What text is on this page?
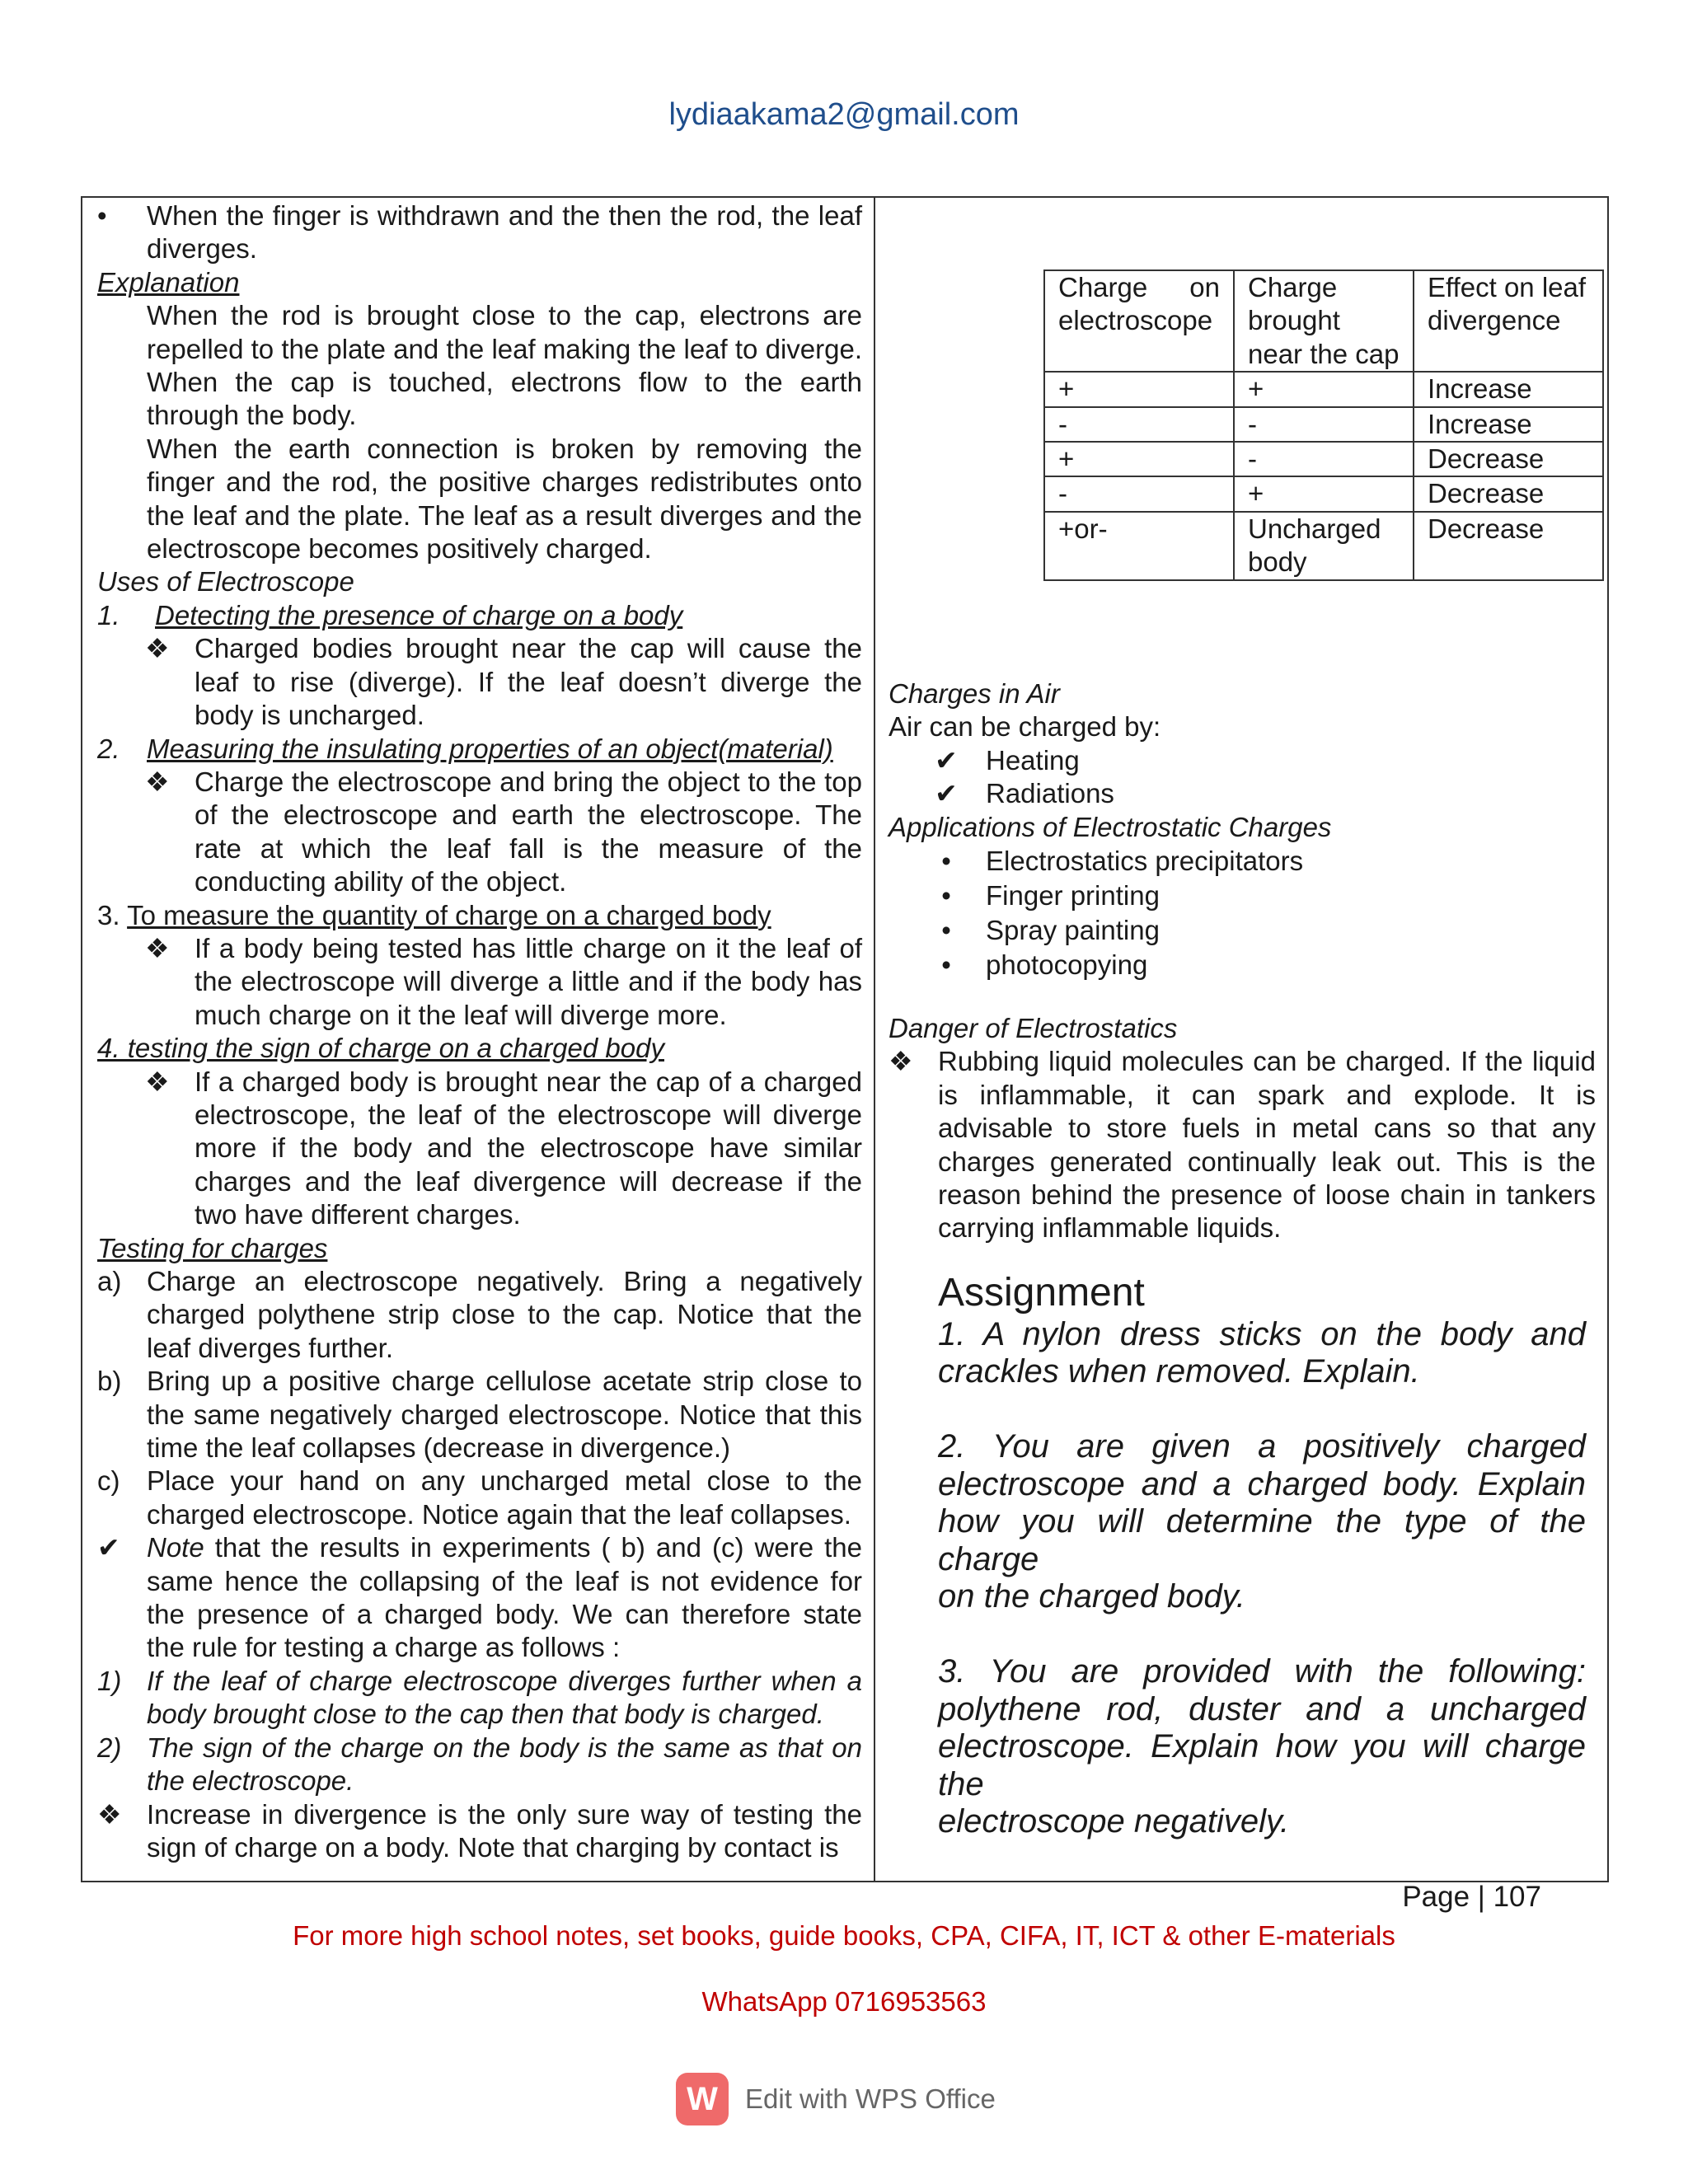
lydiaakama2@gmail.com
•	When the finger is withdrawn and the then the rod, the leaf
diverges.
Explanation
When the rod is brought close to the cap, electrons are
repelled to the plate and the leaf making the leaf to diverge.
When the cap is touched, electrons flow to the earth
through the body.
When the earth connection is broken by removing the
finger and the rod, the positive charges redistributes onto
the leaf and the plate. The leaf as a result diverges and the
electroscope becomes positively charged.
Uses of Electroscope
1. Detecting the presence of charge on a body

❖ Charged bodies brought near the cap will cause the
leaf to rise (diverge). If the leaf doesn’t diverge the
body is uncharged.
2. Measuring the insulating properties of an object(material)

❖ Charge the electroscope and bring the object to the top
of the electroscope and earth the electroscope. The
rate at which the leaf fall is the measure of the
conducting ability of the object.
3. To measure the quantity of charge on a charged body
❖ If a body being tested has little charge on it the leaf of
the electroscope will diverge a little and if the body has
much charge on it the leaf will diverge more.
4. testing the sign of charge on a charged body
❖ If a charged body is brought near the cap of a charged
electroscope, the leaf of the electroscope will diverge
more if the body and the electroscope have similar
charges and the leaf divergence will decrease if the
two have different charges.
Testing for charges
a) Charge an electroscope negatively. Bring a negatively
charged polythene strip close to the cap. Notice that the
leaf diverges further.
b) Bring up a positive charge cellulose acetate strip close to
the same negatively charged electroscope. Notice that this
time the leaf collapses (decrease in divergence.)
c) Place your hand on any uncharged metal close to the
charged electroscope. Notice again that the leaf collapses.
✔ Note that the results in experiments ( b) and (c) were the
same hence the collapsing of the leaf is not evidence for
the presence of a charged body. We can therefore state
the rule for testing a charge as follows :
1) If the leaf of charge electroscope diverges further when a
body brought close to the cap then that body is charged.
2) The sign of the charge on the body is the same as that on
the electroscope.
❖ Increase in divergence is the only sure way of testing the
sign of charge on a body. Note that charging by contact is
Charge on electroscope	Charge brought near the cap	Effect on leaf divergence
+	+	Increase
-	-	Increase
+	-	Decrease
-	+	Decrease
+or-	Uncharged body	Decrease
Charges in Air
Air can be charged by:
✔ Heating
✔ Radiations
Applications of Electrostatic Charges
•	Electrostatics precipitators
•	Finger printing
•	Spray painting
•	photocopying
Danger of Electrostatics
❖ Rubbing liquid molecules can be charged. If the liquid
is inflammable, it can spark and explode. It is
advisable to store fuels in metal cans so that any
charges generated continually leak out. This is the
reason behind the presence of loose chain in tankers
carrying inflammable liquids.
Assignment
1. A nylon dress sticks on the body and
crackles when removed. Explain.

2. You are given a positively charged
electroscope and a charged body. Explain
how you will determine the type of the charge
on the charged body.

3. You are provided with the following:
polythene rod, duster and a uncharged
electroscope. Explain how you will charge the
electroscope negatively.
Page | 107
For more high school notes, set books, guide books, CPA, CIFA, IT, ICT & other E-materials
WhatsApp 0716953563
W	Edit with WPS Office
